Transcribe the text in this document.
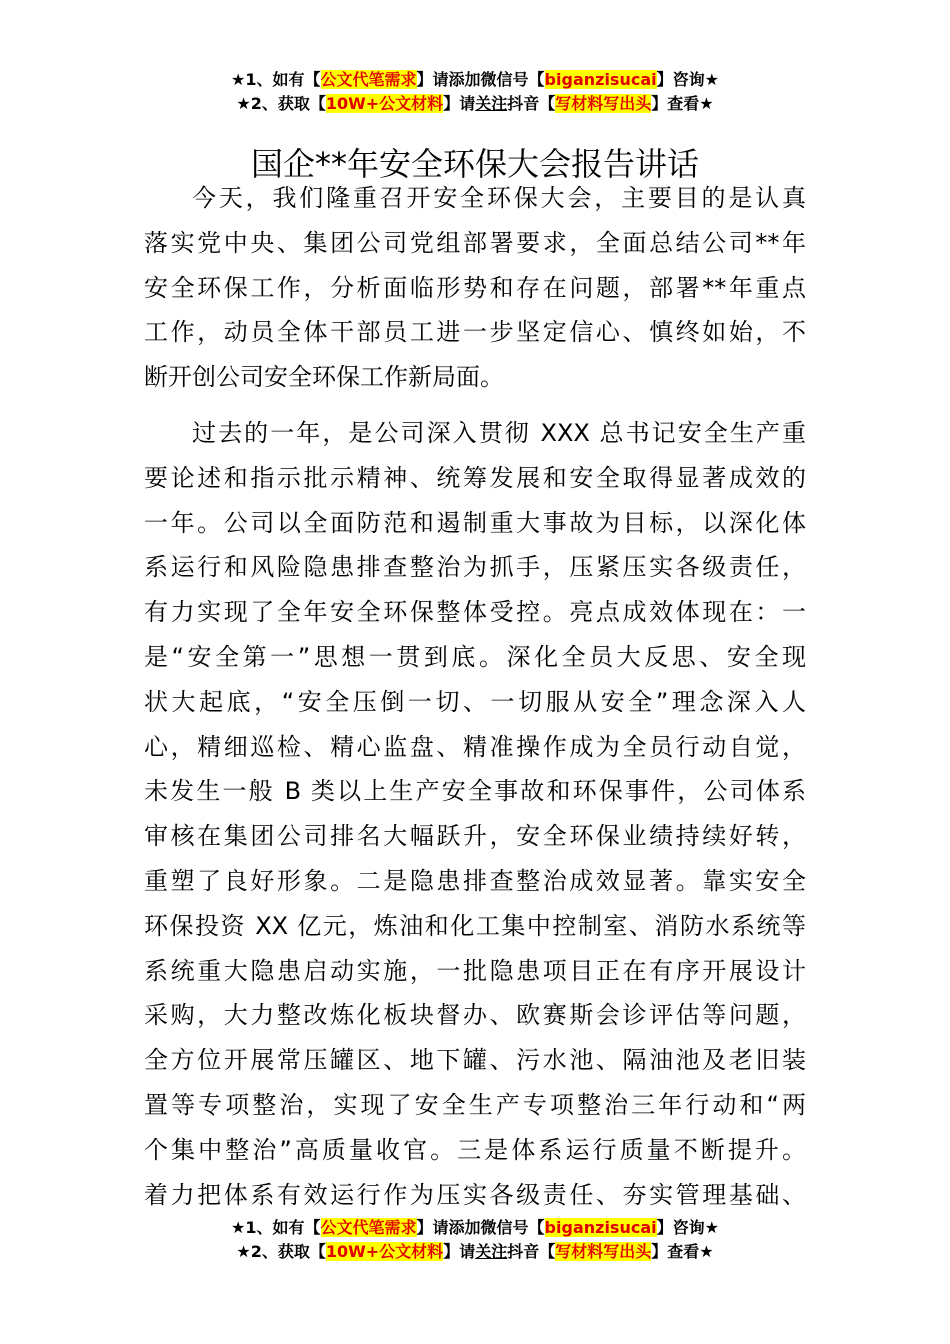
★1、如有【公文代笔需求】请添加微信号【biganzisucai】咨询★
★2、获取【10W+公文材料】请关注抖音【写材料写出头】查看★
国企**年安全环保大会报告讲话
今天，我们隆重召开安全环保大会，主要目的是认真
落实党中央、集团公司党组部署要求，全面总结公司**年
安全环保工作，分析面临形势和存在问题，部署**年重点
工作，动员全体干部员工进一步坚定信心、慎终如始，不
断开创公司安全环保工作新局面。
过去的一年，是公司深入贯彻 XXX 总书记安全生产重
要论述和指示批示精神、统筹发展和安全取得显著成效的
一年。公司以全面防范和遏制重大事故为目标，以深化体
系运行和风险隐患排查整治为抓手，压紧压实各级责任，
有力实现了全年安全环保整体受控。亮点成效体现在：一
是“安全第一”思想一贯到底。深化全员大反思、安全现
状大起底，“安全压倒一切、一切服从安全”理念深入人
心，精细巡检、精心监盘、精准操作成为全员行动自觉，
未发生一般 B 类以上生产安全事故和环保事件，公司体系
审核在集团公司排名大幅跃升，安全环保业绩持续好转，
重塑了良好形象。二是隐患排查整治成效显著。靠实安全
环保投资 XX 亿元，炼油和化工集中控制室、消防水系统等
系统重大隐患启动实施，一批隐患项目正在有序开展设计
采购，大力整改炼化板块督办、欧赛斯会诊评估等问题，
全方位开展常压罐区、地下罐、污水池、隔油池及老旧装
置等专项整治，实现了安全生产专项整治三年行动和“两
个集中整治”高质量收官。三是体系运行质量不断提升。
着力把体系有效运行作为压实各级责任、夯实管理基础、
★1、如有【公文代笔需求】请添加微信号【biganzisucai】咨询★
★2、获取【10W+公文材料】请关注抖音【写材料写出头】查看★
